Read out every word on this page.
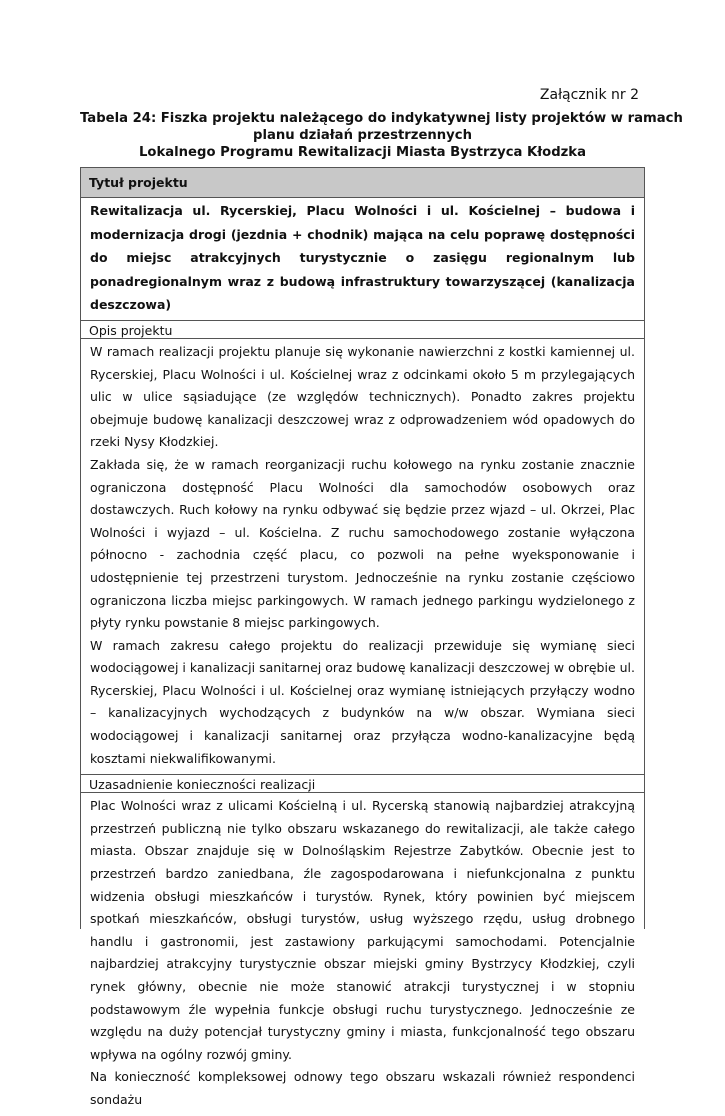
Załącznik nr 2
Tabela 24: Fiszka projektu należącego do indykatywnej listy projektów w ramach
planu działań przestrzennych
Lokalnego Programu Rewitalizacji Miasta Bystrzyca Kłodzka
Tytuł projektu
Rewitalizacja ul. Rycerskiej, Placu Wolności i ul. Kościelnej – budowa i modernizacja drogi (jezdnia + chodnik) mająca na celu poprawę dostępności do miejsc atrakcyjnych turystycznie o zasięgu regionalnym lub ponadregionalnym wraz z budową infrastruktury towarzyszącej (kanalizacja deszczowa)
Opis projektu

W ramach realizacji projektu planuje się wykonanie nawierzchni z kostki kamiennej ul. Rycerskiej, Placu Wolności i ul. Kościelnej wraz z odcinkami około 5 m przylegających ulic w ulice sąsiadujące (ze względów technicznych). Ponadto zakres projektu obejmuje budowę kanalizacji deszczowej wraz z odprowadzeniem wód opadowych do rzeki Nysy Kłodzkiej.

Zakłada się, że w ramach reorganizacji ruchu kołowego na rynku zostanie znacznie ograniczona dostępność Placu Wolności dla samochodów osobowych oraz dostawczych. Ruch kołowy na rynku odbywać się będzie przez wjazd – ul. Okrzei, Plac Wolności i wyjazd – ul. Kościelna. Z ruchu samochodowego zostanie wyłączona północno - zachodnia część placu, co pozwoli na pełne wyeksponowanie i udostępnienie tej przestrzeni turystom. Jednocześnie na rynku zostanie częściowo ograniczona liczba miejsc parkingowych. W ramach jednego parkingu wydzielonego z płyty rynku powstanie 8 miejsc parkingowych.

W ramach zakresu całego projektu do realizacji przewiduje się wymianę sieci wodociągowej i kanalizacji sanitarnej oraz budowę kanalizacji deszczowej w obrębie ul. Rycerskiej, Placu Wolności i ul. Kościelnej oraz wymianę istniejących przyłączy wodno – kanalizacyjnych wychodzących z budynków na w/w obszar. Wymiana sieci wodociągowej i kanalizacji sanitarnej oraz przyłącza wodno-kanalizacyjne będą kosztami niekwalifikowanymi.

Uzasadnienie konieczności realizacji

Plac Wolności wraz z ulicami Kościelną i ul. Rycerską stanowią najbardziej atrakcyjną przestrzeń publiczną nie tylko obszaru wskazanego do rewitalizacji, ale także całego miasta. Obszar znajduje się w Dolnośląskim Rejestrze Zabytków. Obecnie jest to przestrzeń bardzo zaniedbana, źle zagospodarowana i niefunkcjonalna z punktu widzenia obsługi mieszkańców i turystów. Rynek, który powinien być miejscem spotkań mieszkańców, obsługi turystów, usług wyższego rzędu, usług drobnego handlu i gastronomii, jest zastawiony parkującymi samochodami. Potencjalnie najbardziej atrakcyjny turystycznie obszar miejski gminy Bystrzycy Kłodzkiej, czyli rynek główny, obecnie nie może stanowić atrakcji turystycznej i w stopniu podstawowym źle wypełnia funkcje obsługi ruchu turystycznego. Jednocześnie ze względu na duży potencjał turystyczny gminy i miasta, funkcjonalność tego obszaru wpływa na ogólny rozwój gminy.

Na konieczność kompleksowej odnowy tego obszaru wskazali również respondenci sondażu
